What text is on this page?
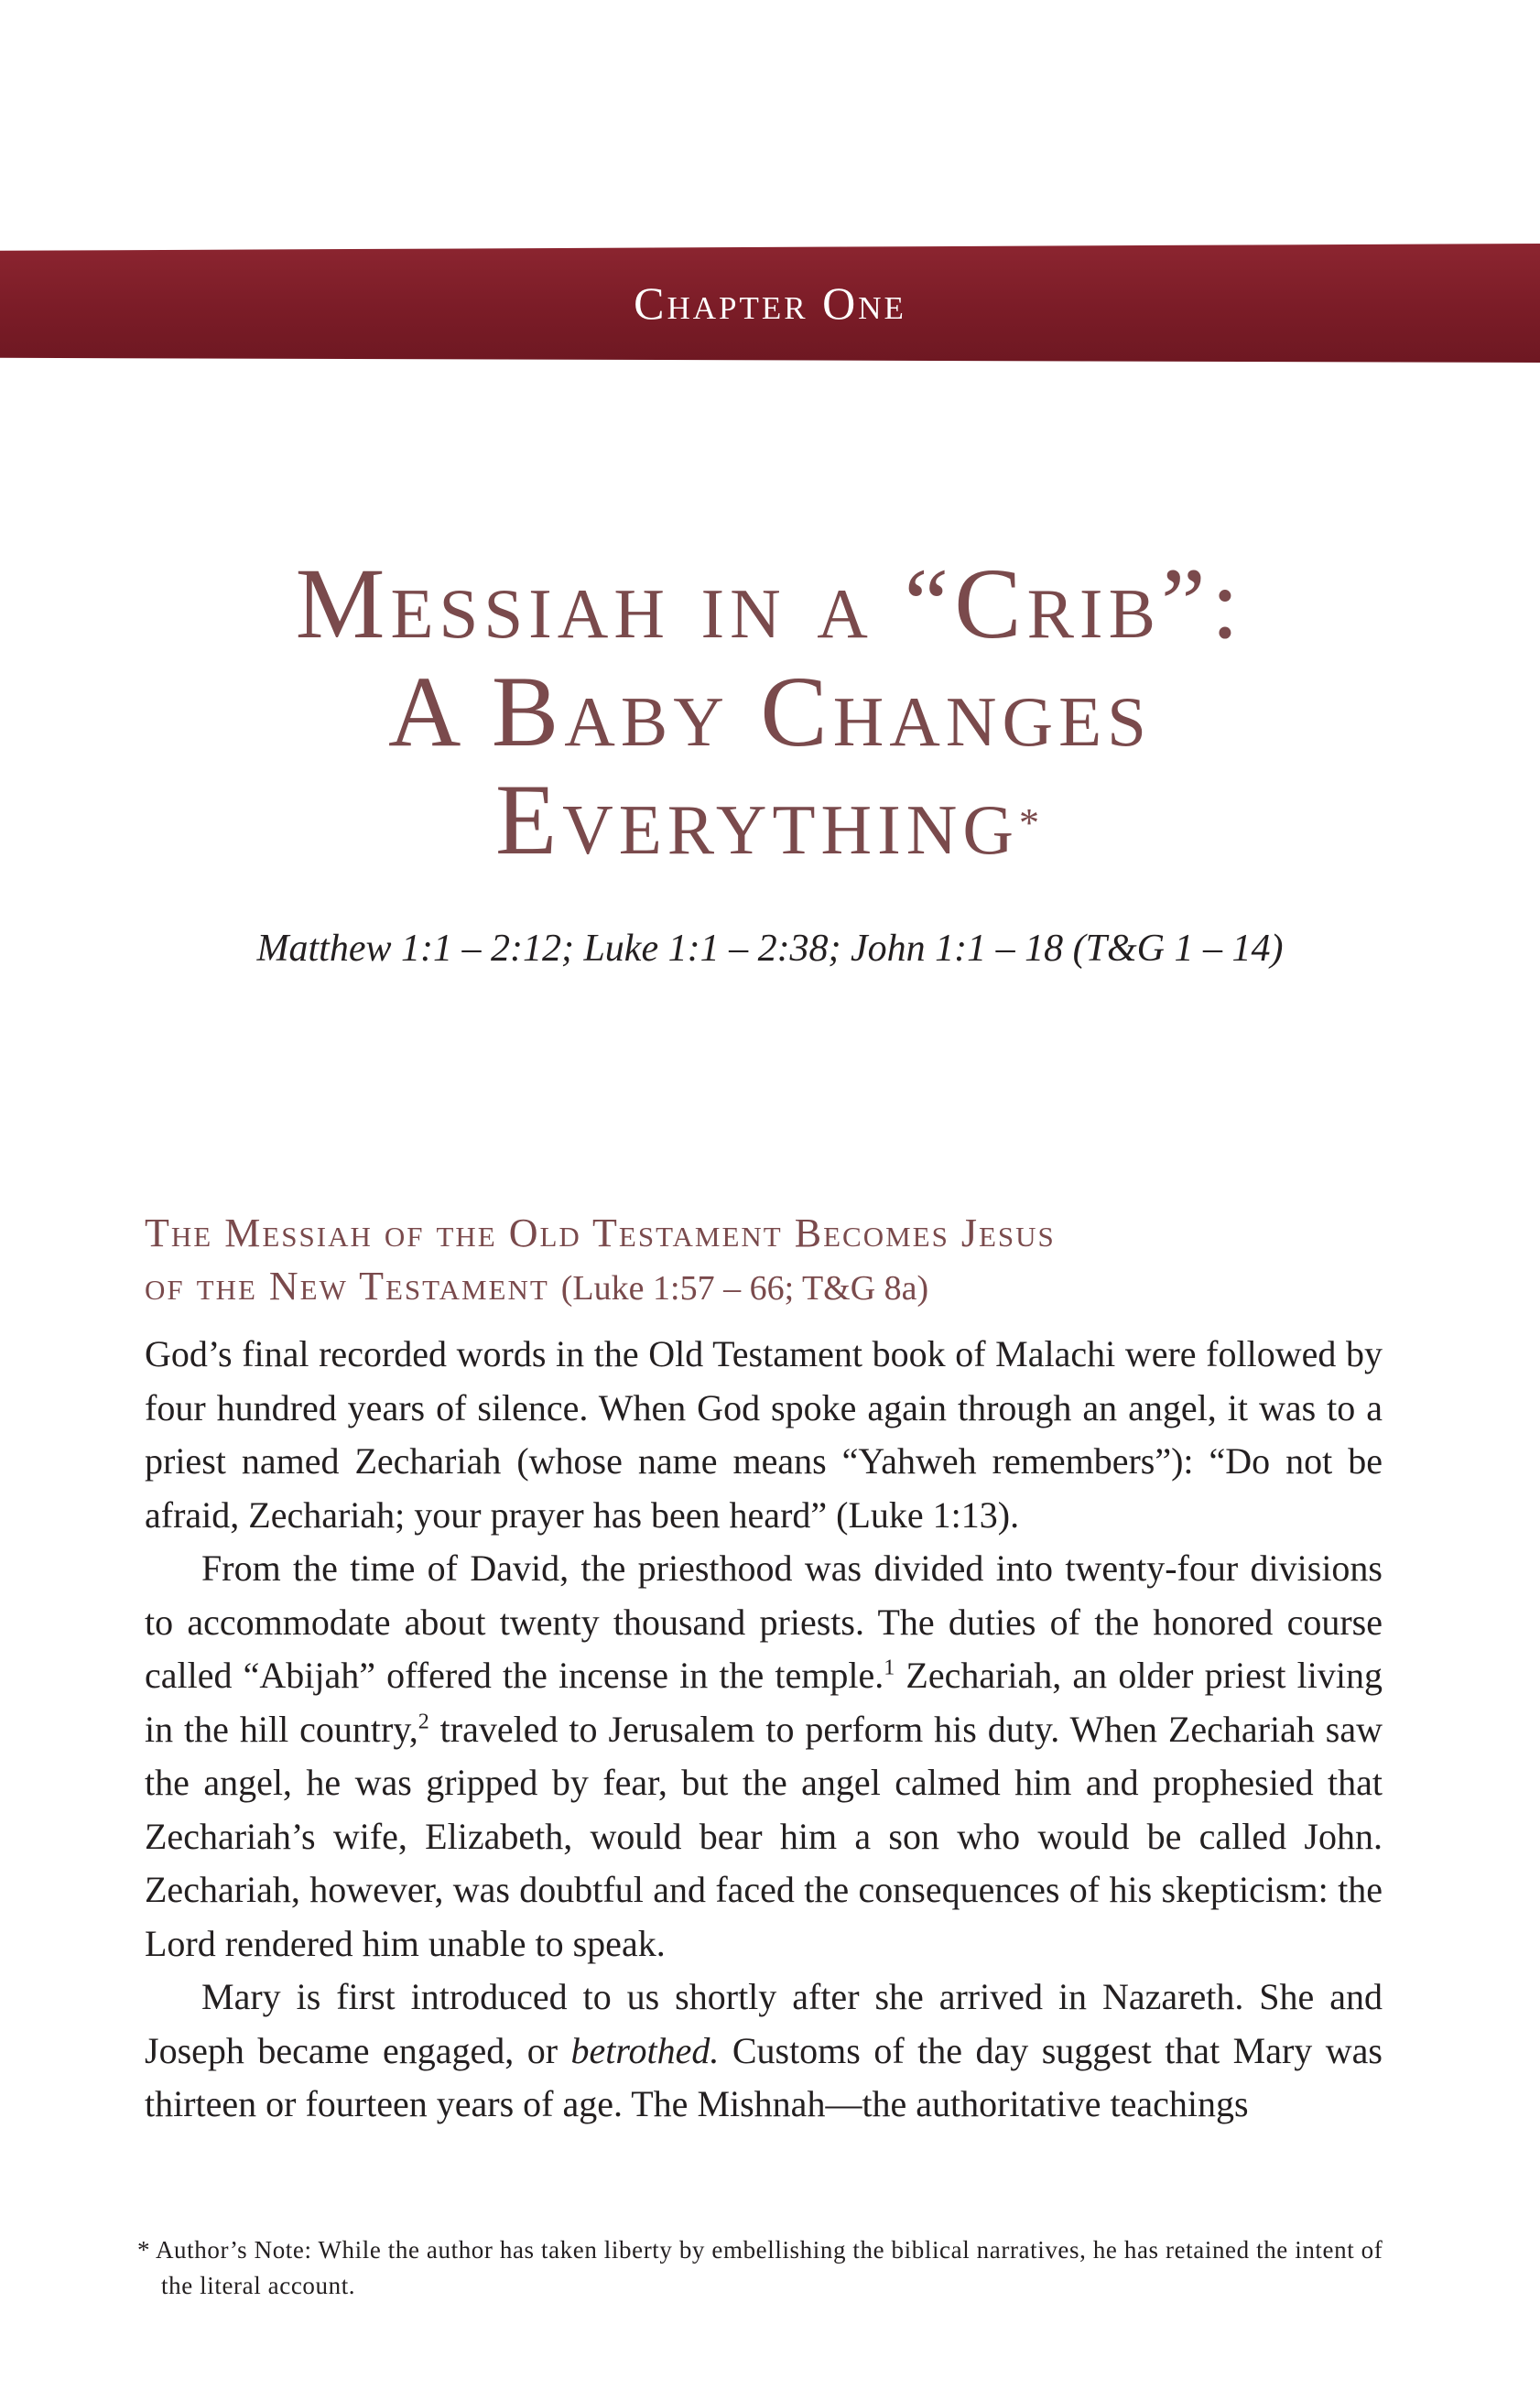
Chapter One
Messiah in a “Crib”:
A Baby Changes
Everything*
Matthew 1:1 – 2:12; Luke 1:1 – 2:38; John 1:1 – 18 (T&G 1 – 14)
The Messiah of the Old Testament Becomes Jesus
of the New Testament (Luke 1:57 – 66; T&G 8a)

God’s final recorded words in the Old Testament book of Malachi were followed by four hundred years of silence. When God spoke again through an angel, it was to a priest named Zechariah (whose name means “Yahweh remembers”): “Do not be afraid, Zechariah; your prayer has been heard” (Luke 1:13).

From the time of David, the priesthood was divided into twenty-four divisions to accommodate about twenty thousand priests. The duties of the honored course called “Abijah” offered the incense in the temple.$^1$ Zechariah, an older priest living in the hill country,$^2$ traveled to Jerusalem to perform his duty. When Zechariah saw the angel, he was gripped by fear, but the angel calmed him and prophesied that Zechariah’s wife, Elizabeth, would bear him a son who would be called John. Zechariah, however, was doubtful and faced the consequences of his skepticism: the Lord rendered him unable to speak.

Mary is first introduced to us shortly after she arrived in Nazareth. She and Joseph became engaged, or betrothed. Customs of the day suggest that Mary was thirteen or fourteen years of age. The Mishnah—the authoritative teachings

* Author’s Note: While the author has taken liberty by embellishing the biblical narratives, he has retained the intent of the literal account.
